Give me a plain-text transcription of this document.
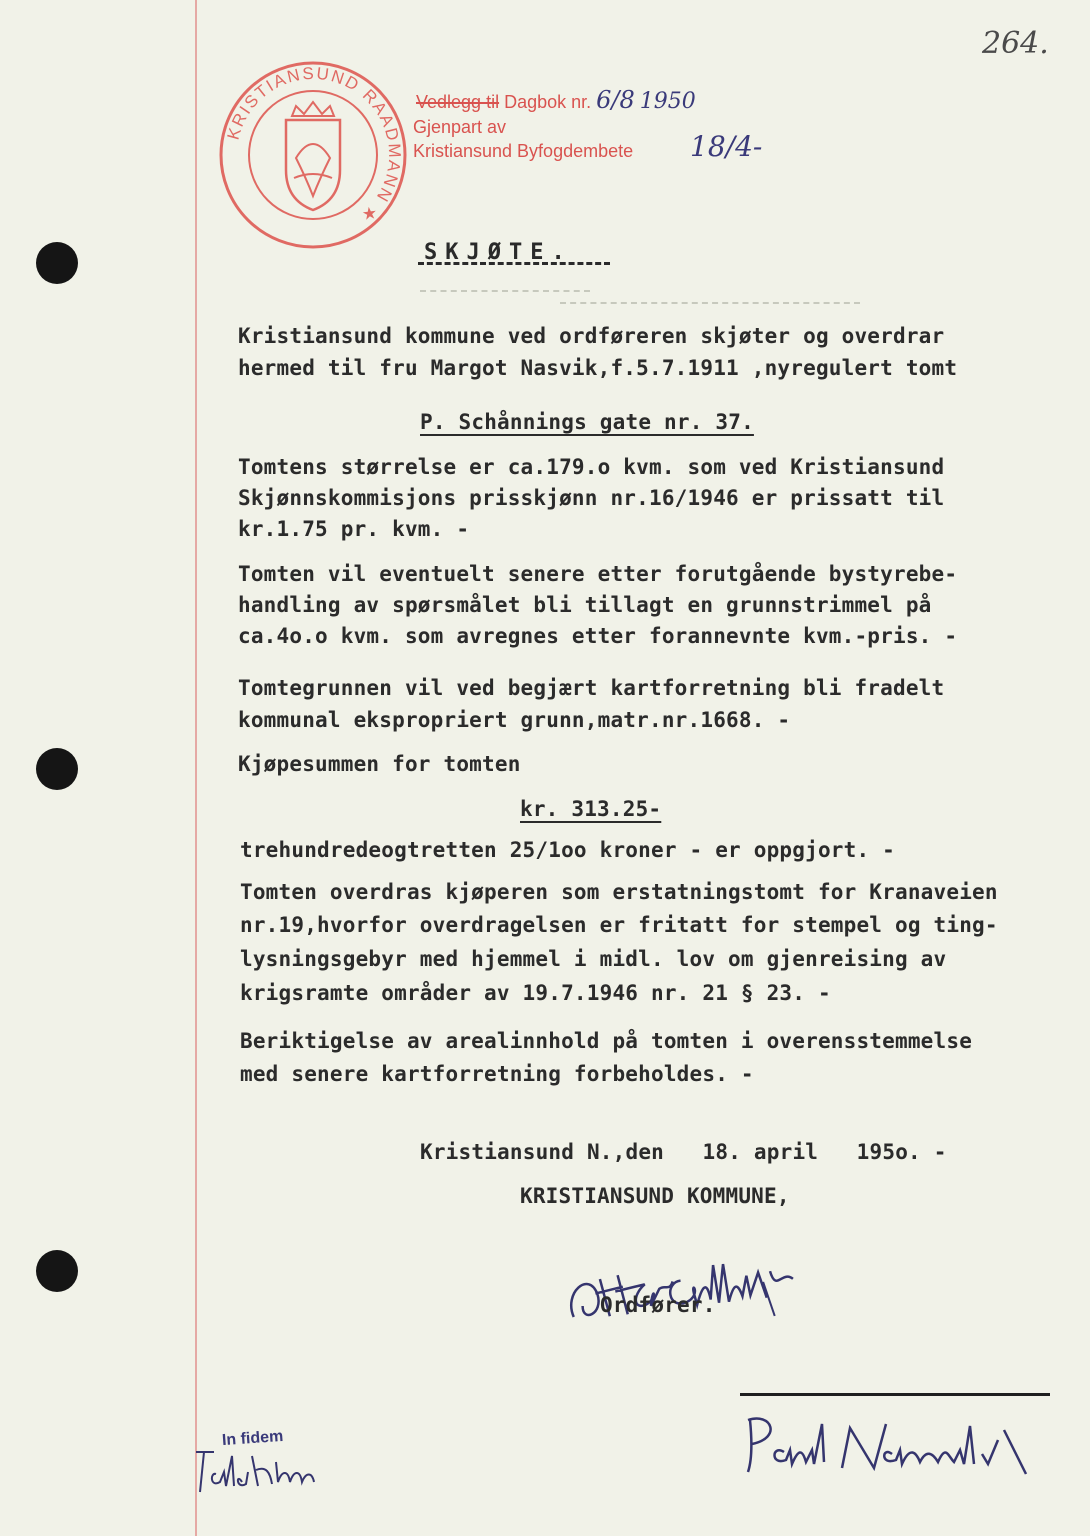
264.
KRISTIANSUND RAADMANN ★
Vedlegg til Dagbok nr. 6/8 1950
Gjenpart av
Kristiansund Byfogdembete 18/4-
SKJØTE.
Kristiansund kommune ved ordføreren skjøter og overdrar
hermed til fru Margot Nasvik,f.5.7.1911 ,nyregulert tomt
P. Schånnings gate nr. 37.
Tomtens størrelse er ca.179.o kvm. som ved Kristiansund
Skjønnskommisjons prisskjønn nr.16/1946 er prissatt til
kr.1.75 pr. kvm. -
Tomten vil eventuelt senere etter forutgående bystyrebe-
handling av spørsmålet bli tillagt en grunnstrimmel på
ca.4o.o kvm. som avregnes etter forannevnte kvm.-pris. -
Tomtegrunnen vil ved begjært kartforretning bli fradelt
kommunal ekspropriert grunn,matr.nr.1668. -
Kjøpesummen for tomten
kr. 313.25-
trehundredeogtretten 25/1oo kroner - er oppgjort. -
Tomten overdras kjøperen som erstatningstomt for Kranaveien
nr.19,hvorfor overdragelsen er fritatt for stempel og ting-
lysningsgebyr med hjemmel i midl. lov om gjenreising av
krigsramte områder av 19.7.1946 nr. 21 § 23. -
Beriktigelse av arealinnhold på tomten i overensstemmelse
med senere kartforretning forbeholdes. -
Kristiansund N.,den   18. april   195o. -
KRISTIANSUND KOMMUNE,
Ordfører.
In fidem
